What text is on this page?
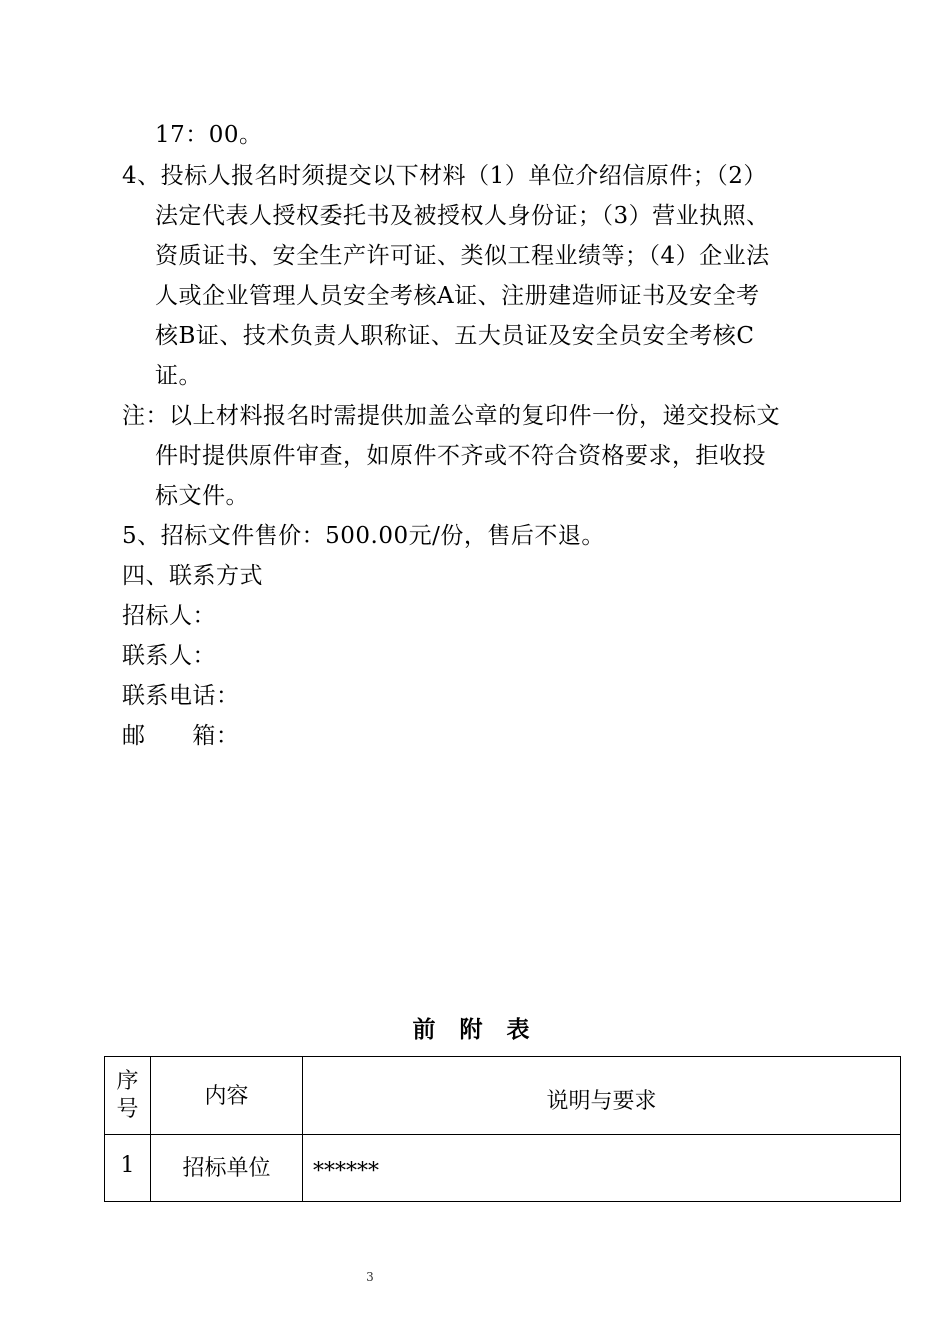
17：00。
4、投标人报名时须提交以下材料（1）单位介绍信原件；（2）
法定代表人授权委托书及被授权人身份证；（3）营业执照、
资质证书、安全生产许可证、类似工程业绩等；（4）企业法
人或企业管理人员安全考核A证、注册建造师证书及安全考
核B证、技术负责人职称证、五大员证及安全员安全考核C
证。
注：以上材料报名时需提供加盖公章的复印件一份，递交投标文
件时提供原件审查，如原件不齐或不符合资格要求，拒收投
标文件。
5、招标文件售价：500.00元/份，售后不退。
四、联系方式
招标人：
联系人：
联系电话：
邮      箱：
前 附 表
序
号	内容	说明与要求
1	招标单位	******
3
